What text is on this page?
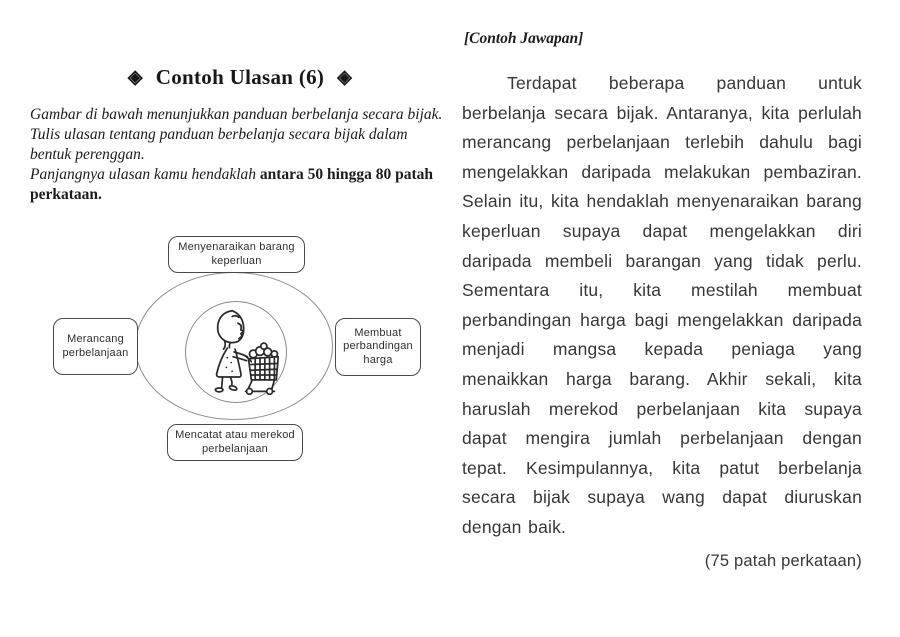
◈ Contoh Ulasan (6) ◈

Gambar di bawah menunjukkan panduan berbelanja secara bijak.

Tulis ulasan tentang panduan berbelanja secara bijak dalam bentuk perenggan.

Panjangnya ulasan kamu hendaklah antara 50 hingga 80 patah perkataan.

Menyenaraikan barang keperluan
Merancang perbelanjaan
Membuat perbandingan harga
Mencatat atau merekod perbelanjaan
[Contoh Jawapan]

Terdapat beberapa panduan untuk berbelanja secara bijak. Antaranya, kita perlulah merancang perbelanjaan terlebih dahulu bagi mengelakkan daripada melakukan pembaziran. Selain itu, kita hendaklah menyenaraikan barang keperluan supaya dapat mengelakkan diri daripada membeli barangan yang tidak perlu. Sementara itu, kita mestilah membuat perbandingan harga bagi mengelakkan daripada menjadi mangsa kepada peniaga yang menaikkan harga barang. Akhir sekali, kita haruslah merekod perbelanjaan kita supaya dapat mengira jumlah perbelanjaan dengan tepat. Kesimpulannya, kita patut berbelanja secara bijak supaya wang dapat diuruskan dengan baik.

(75 patah perkataan)
